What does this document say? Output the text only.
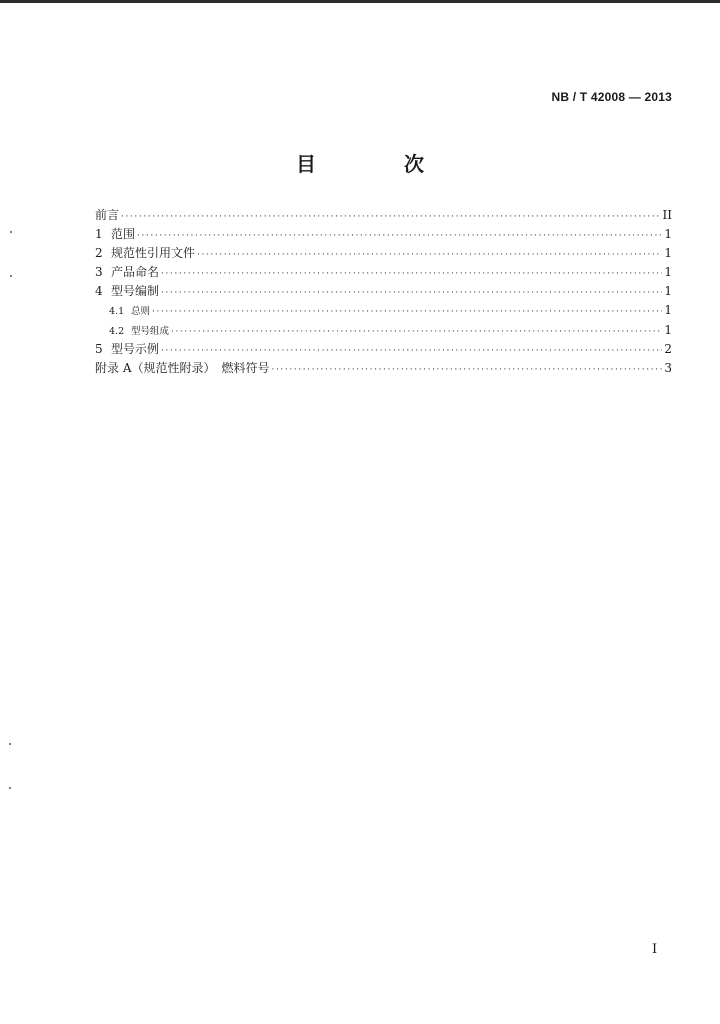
NB / T 42008 — 2013
目　次
前言 ·····	II
1 范围 ·····	1
2 规范性引用文件 ·····	1
3 产品命名 ·····	1
4 型号编制 ·····	1
4.1 总则 ·····	1
4.2 型号组成 ·····	1
5 型号示例 ·····	2
附录 A（规范性附录）　燃料符号 ·····	3
I
